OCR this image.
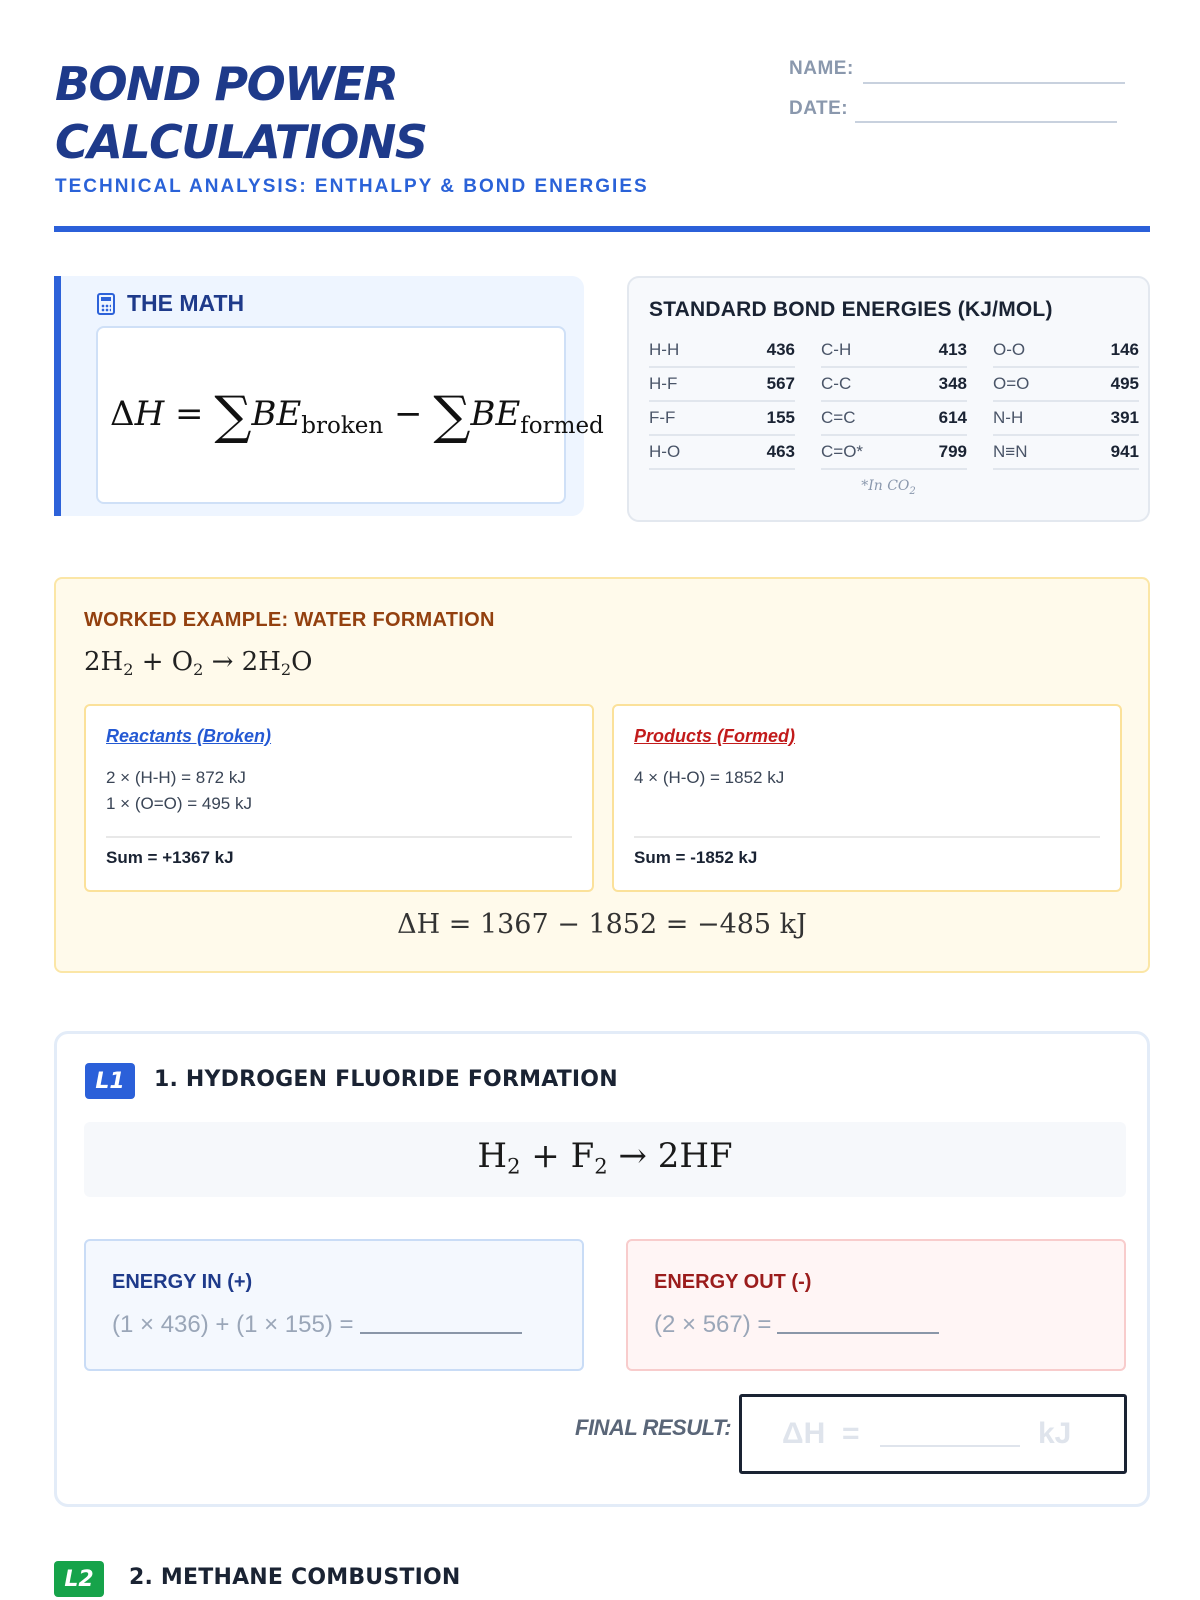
BOND POWER
CALCULATIONS
TECHNICAL ANALYSIS: ENTHALPY & BOND ENERGIES
NAME:
DATE:
THE MATH
$\Delta H = \sum BE_{broken} - \sum BE_{formed}$
STANDARD BOND ENERGIES (KJ/MOL)
H-H	436 C-H	413 O-O	146
H-F	567 C-C	348 O=O	495
F-F	155 C=C	614 N-H	391
H-O	463 C=O*	799 N≡N	941
*In $CO_2$
WORKED EXAMPLE: WATER FORMATION
$2H_2 + O_2 \to 2H_2O$
Reactants (Broken)
2 × (H-H) = 872 kJ
1 × (O=O) = 495 kJ
Sum = +1367 kJ
Products (Formed)
4 × (H-O) = 1852 kJ
Sum = -1852 kJ
ΔH = 1367 − 1852 = −485 kJ
L1	1. HYDROGEN FLUORIDE FORMATION
$H_2 + F_2 \to 2HF$
ENERGY IN (+)
(1 × 436) + (1 × 155) =
ENERGY OUT (-)
(2 × 567) =
FINAL RESULT: ΔH =	kJ
L2	2. METHANE COMBUSTION
